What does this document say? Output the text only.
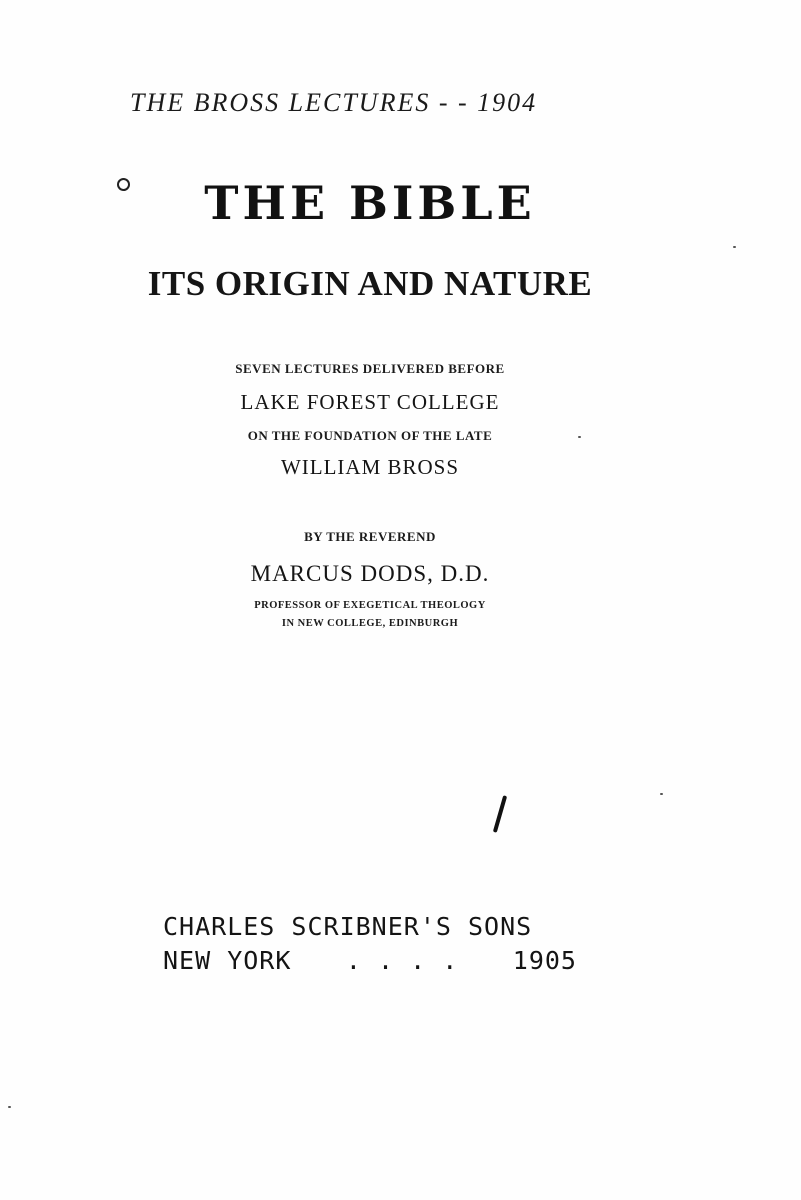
THE BROSS LECTURES - - 1904

THE BIBLE
ITS ORIGIN AND NATURE

SEVEN LECTURES DELIVERED BEFORE

LAKE FOREST COLLEGE

ON THE FOUNDATION OF THE LATE

WILLIAM BROSS

BY THE REVEREND

MARCUS DODS, D.D.

PROFESSOR OF EXEGETICAL THEOLOGY

IN NEW COLLEGE, EDINBURGH

CHARLES SCRIBNER'S SONS

NEW YORK . . . . 1905
